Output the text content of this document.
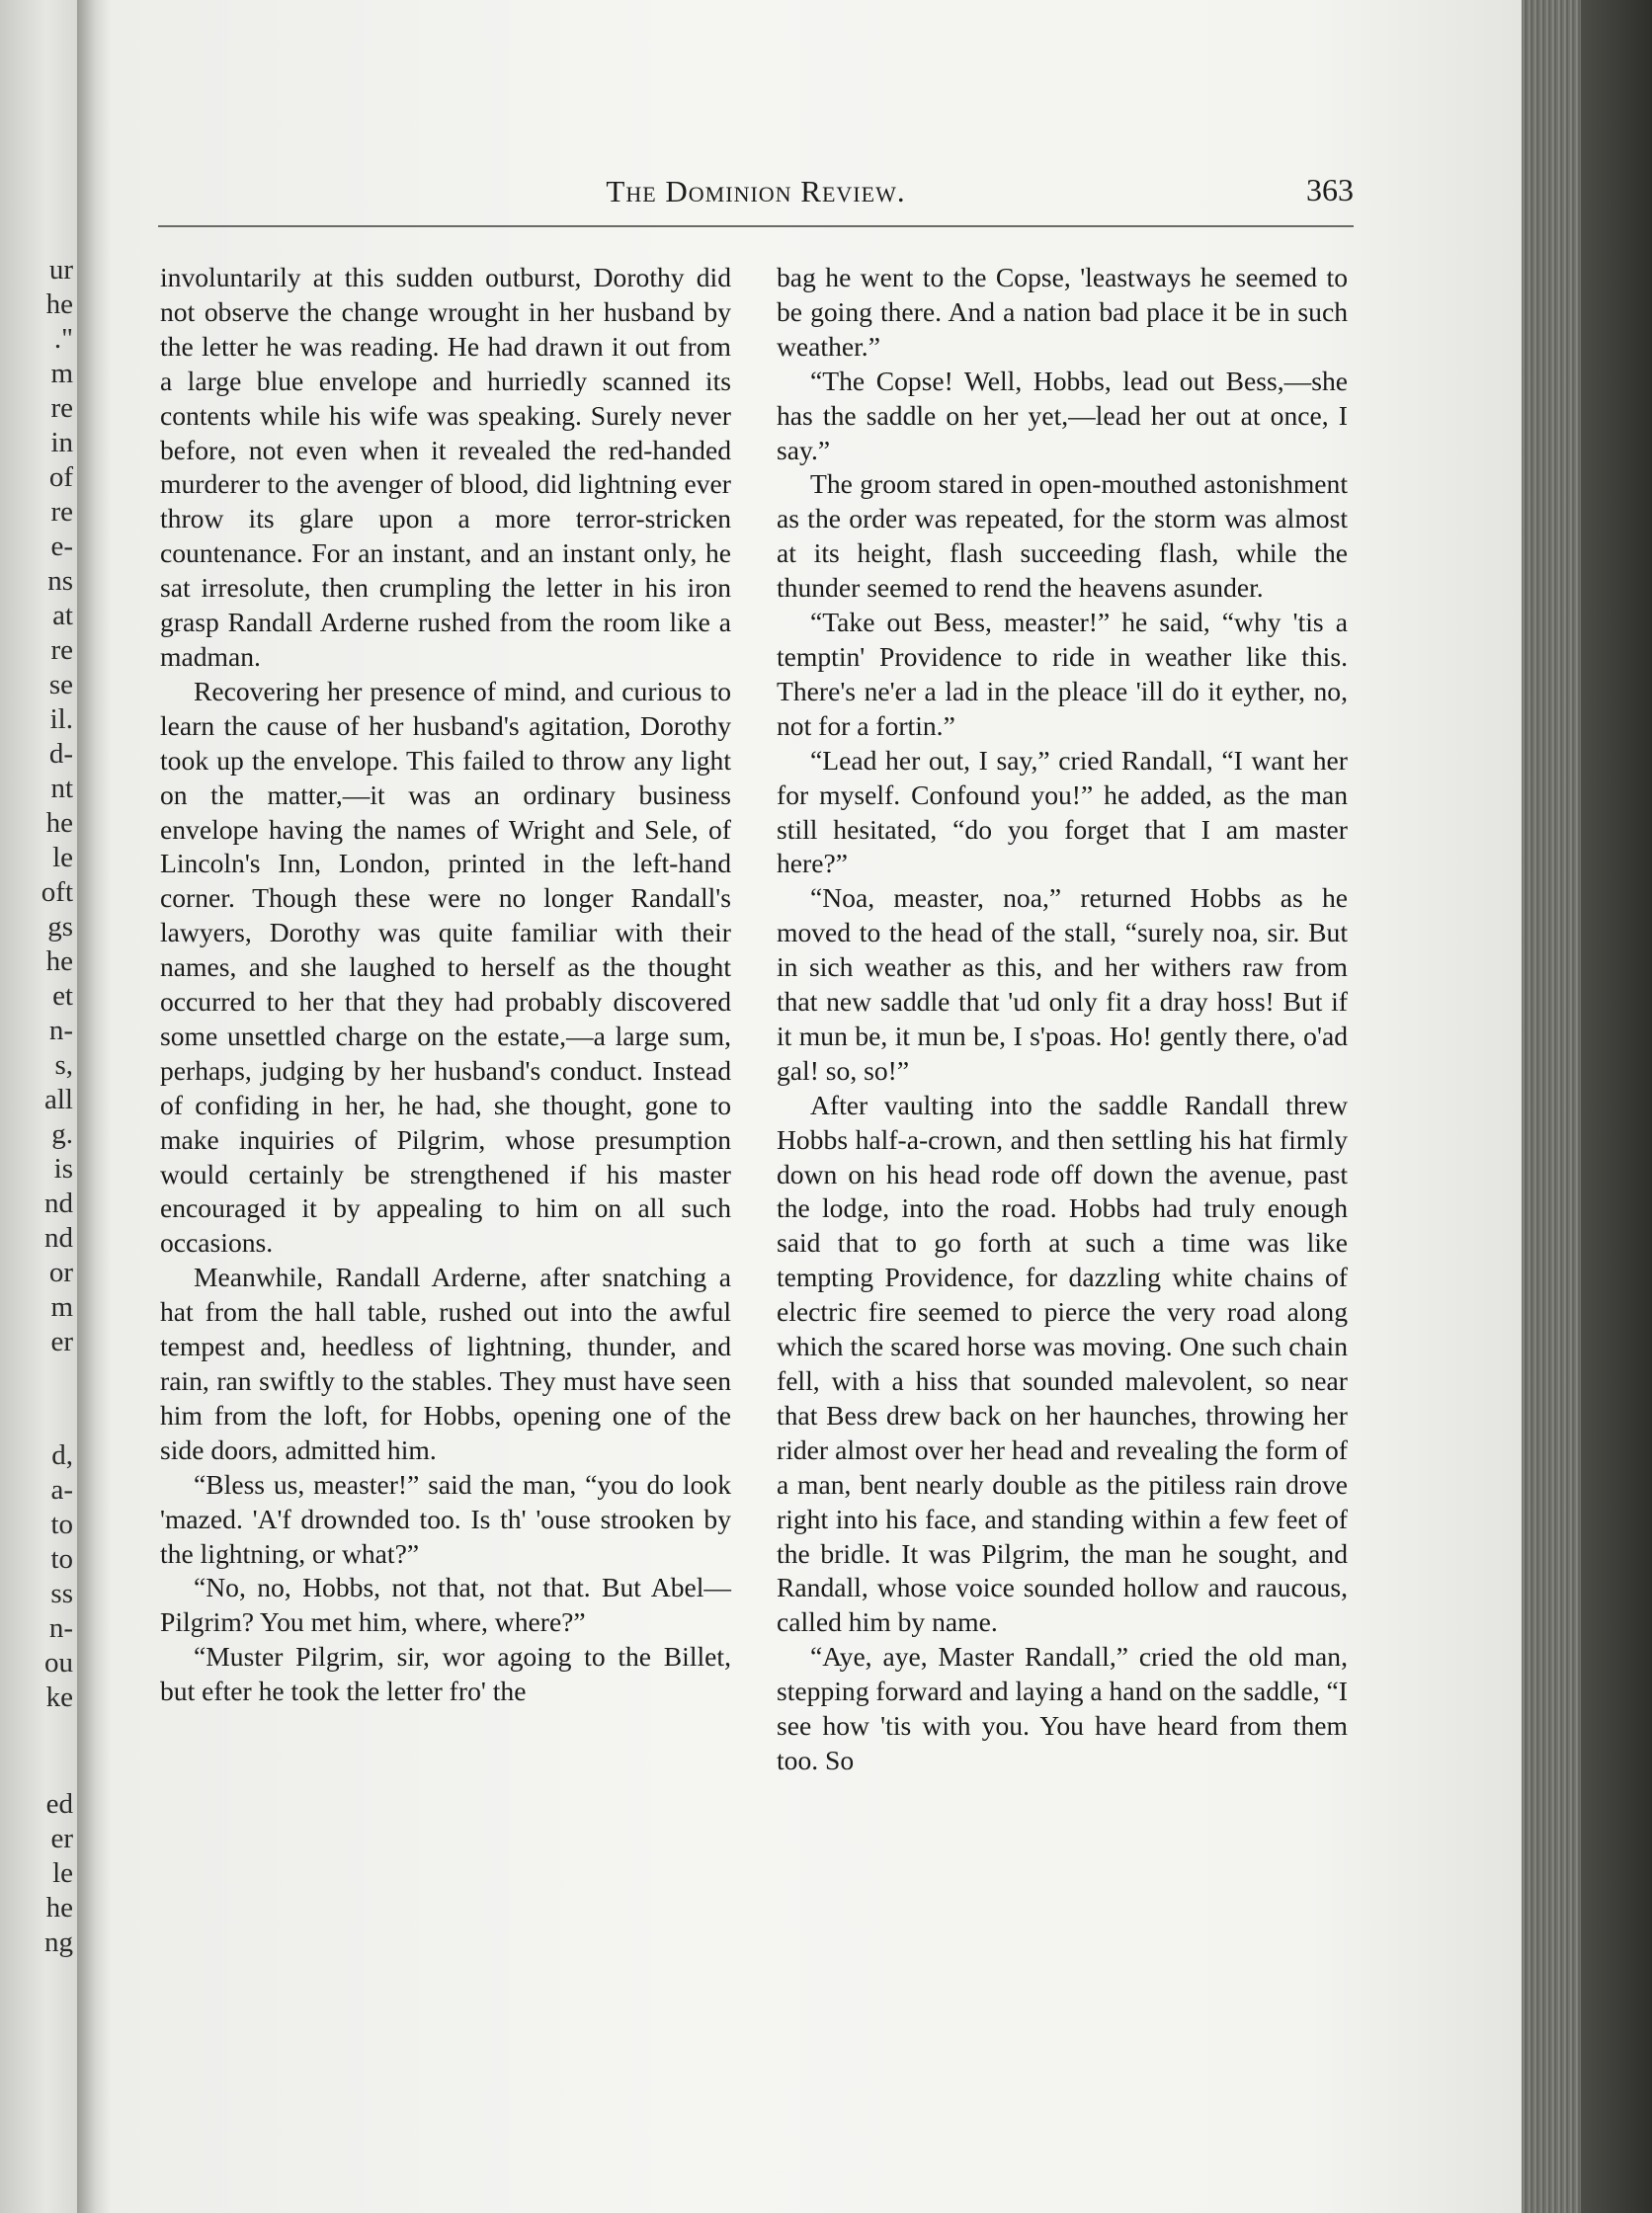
ur
he
."
m
re
in
of
re
e-
ns
at
re
se
il.
d-
nt
he
le
oft
gs
he
et
n-
s,
all
g.
is
nd
nd
or
m
er
d,
a-
to
to
ss
n-
ou
ke
ed
er
le
he
ng
The Dominion Review.	363

involuntarily at this sudden outburst, Dorothy did not observe the change wrought in her husband by the letter he was reading. He had drawn it out from a large blue envelope and hurriedly scanned its contents while his wife was speaking. Surely never before, not even when it revealed the red-handed murderer to the avenger of blood, did lightning ever throw its glare upon a more terror-stricken countenance. For an instant, and an instant only, he sat irresolute, then crumpling the letter in his iron grasp Randall Arderne rushed from the room like a madman.

Recovering her presence of mind, and curious to learn the cause of her husband's agitation, Dorothy took up the envelope. This failed to throw any light on the matter,—it was an ordinary business envelope having the names of Wright and Sele, of Lincoln's Inn, London, printed in the left-hand corner. Though these were no longer Randall's lawyers, Dorothy was quite familiar with their names, and she laughed to herself as the thought occurred to her that they had probably discovered some unsettled charge on the estate,—a large sum, perhaps, judging by her husband's conduct. Instead of confiding in her, he had, she thought, gone to make inquiries of Pilgrim, whose presumption would certainly be strengthened if his master encouraged it by appealing to him on all such occasions.

Meanwhile, Randall Arderne, after snatching a hat from the hall table, rushed out into the awful tempest and, heedless of lightning, thunder, and rain, ran swiftly to the stables. They must have seen him from the loft, for Hobbs, opening one of the side doors, admitted him.

“Bless us, measter!” said the man, “you do look 'mazed. 'A'f drownded too. Is th' 'ouse strooken by the lightning, or what?”

“No, no, Hobbs, not that, not that. But Abel—Pilgrim? You met him, where, where?”

“Muster Pilgrim, sir, wor agoing to the Billet, but efter he took the letter fro' the

bag he went to the Copse, 'leastways he seemed to be going there. And a nation bad place it be in such weather.”

“The Copse! Well, Hobbs, lead out Bess,—she has the saddle on her yet,—lead her out at once, I say.”

The groom stared in open-mouthed astonishment as the order was repeated, for the storm was almost at its height, flash succeeding flash, while the thunder seemed to rend the heavens asunder.

“Take out Bess, measter!” he said, “why 'tis a temptin' Providence to ride in weather like this. There's ne'er a lad in the pleace 'ill do it eyther, no, not for a fortin.”

“Lead her out, I say,” cried Randall, “I want her for myself. Confound you!” he added, as the man still hesitated, “do you forget that I am master here?”

“Noa, measter, noa,” returned Hobbs as he moved to the head of the stall, “surely noa, sir. But in sich weather as this, and her withers raw from that new saddle that 'ud only fit a dray hoss! But if it mun be, it mun be, I s'poas. Ho! gently there, o'ad gal! so, so!”

After vaulting into the saddle Randall threw Hobbs half-a-crown, and then settling his hat firmly down on his head rode off down the avenue, past the lodge, into the road. Hobbs had truly enough said that to go forth at such a time was like tempting Providence, for dazzling white chains of electric fire seemed to pierce the very road along which the scared horse was moving. One such chain fell, with a hiss that sounded malevolent, so near that Bess drew back on her haunches, throwing her rider almost over her head and revealing the form of a man, bent nearly double as the pitiless rain drove right into his face, and standing within a few feet of the bridle. It was Pilgrim, the man he sought, and Randall, whose voice sounded hollow and raucous, called him by name.

“Aye, aye, Master Randall,” cried the old man, stepping forward and laying a hand on the saddle, “I see how 'tis with you. You have heard from them too. So
